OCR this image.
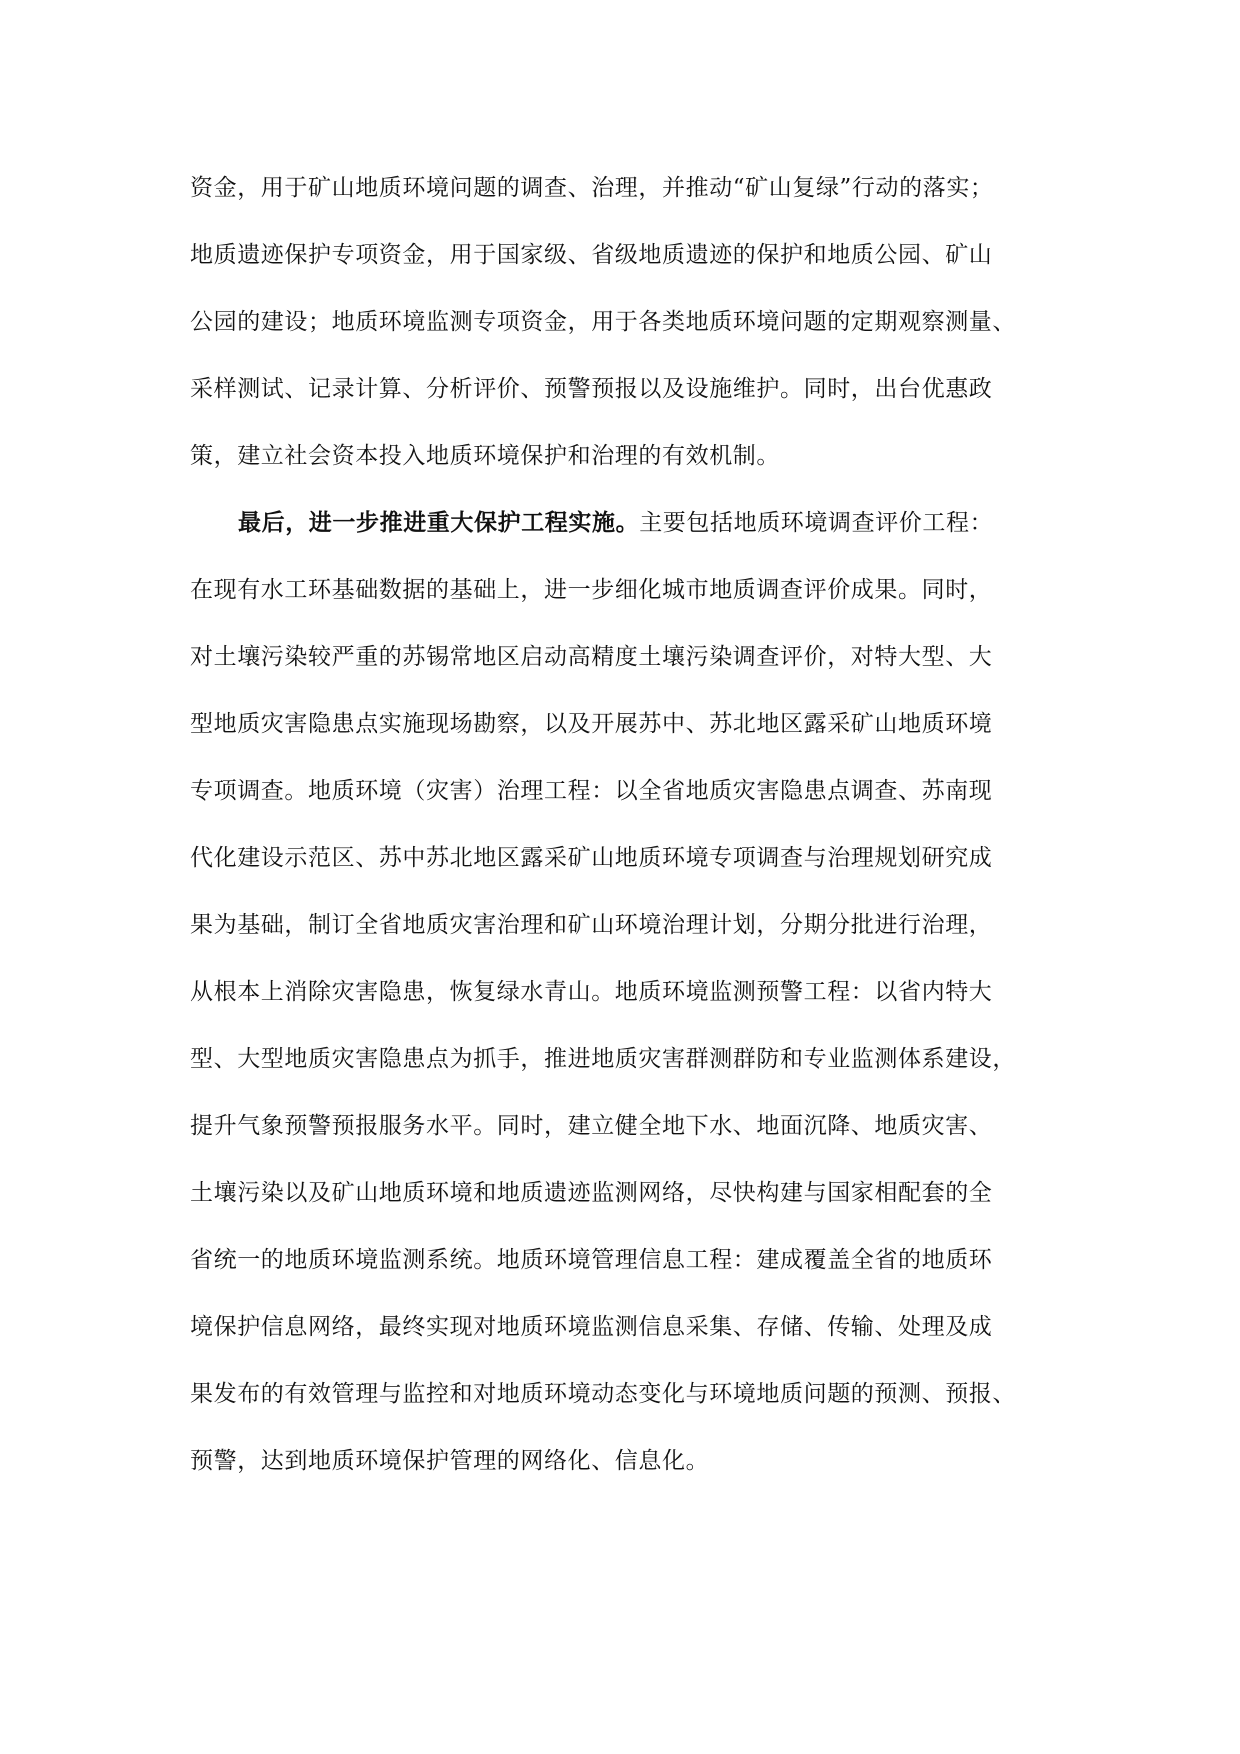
资金，用于矿山地质环境问题的调查、治理，并推动“矿山复绿”行动的落实；
地质遗迹保护专项资金，用于国家级、省级地质遗迹的保护和地质公园、矿山
公园的建设；地质环境监测专项资金，用于各类地质环境问题的定期观察测量、
采样测试、记录计算、分析评价、预警预报以及设施维护。同时，出台优惠政
策，建立社会资本投入地质环境保护和治理的有效机制。
最后，进一步推进重大保护工程实施。主要包括地质环境调查评价工程：
在现有水工环基础数据的基础上，进一步细化城市地质调查评价成果。同时，
对土壤污染较严重的苏锡常地区启动高精度土壤污染调查评价，对特大型、大
型地质灾害隐患点实施现场勘察，以及开展苏中、苏北地区露采矿山地质环境
专项调查。地质环境（灾害）治理工程：以全省地质灾害隐患点调查、苏南现
代化建设示范区、苏中苏北地区露采矿山地质环境专项调查与治理规划研究成
果为基础，制订全省地质灾害治理和矿山环境治理计划，分期分批进行治理，
从根本上消除灾害隐患，恢复绿水青山。地质环境监测预警工程：以省内特大
型、大型地质灾害隐患点为抓手，推进地质灾害群测群防和专业监测体系建设，
提升气象预警预报服务水平。同时，建立健全地下水、地面沉降、地质灾害、
土壤污染以及矿山地质环境和地质遗迹监测网络，尽快构建与国家相配套的全
省统一的地质环境监测系统。地质环境管理信息工程：建成覆盖全省的地质环
境保护信息网络，最终实现对地质环境监测信息采集、存储、传输、处理及成
果发布的有效管理与监控和对地质环境动态变化与环境地质问题的预测、预报、
预警，达到地质环境保护管理的网络化、信息化。
